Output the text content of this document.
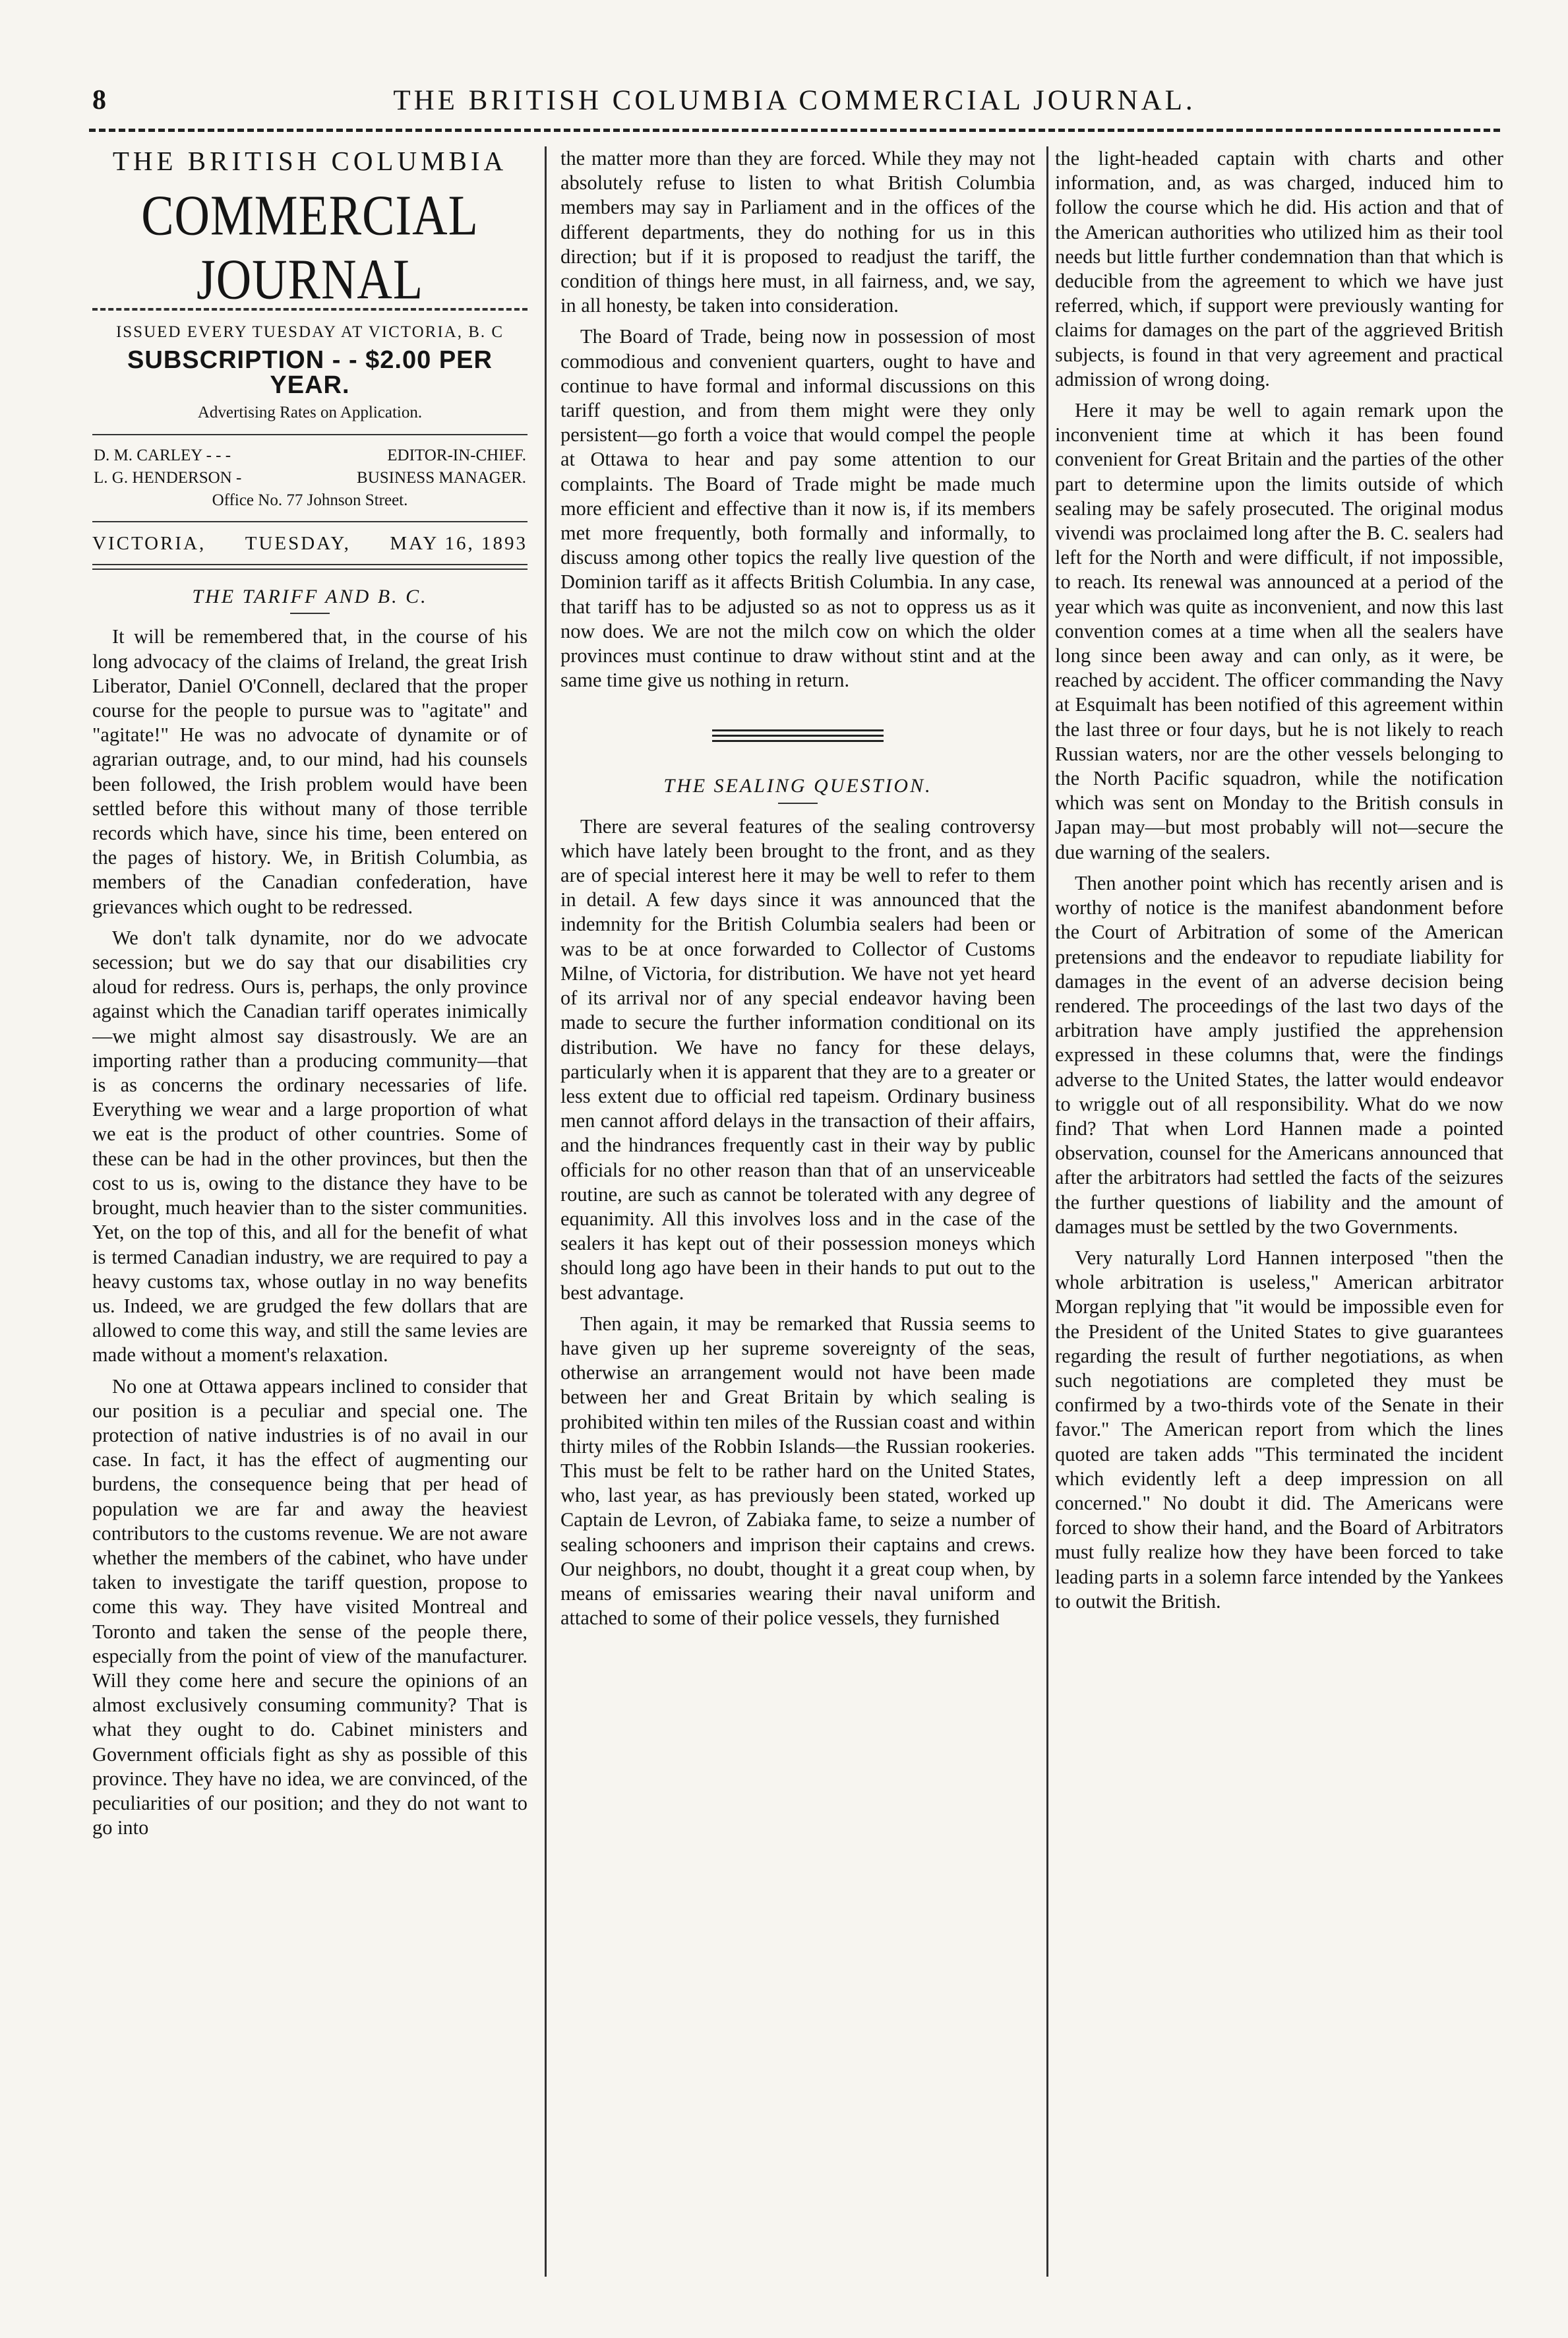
8	THE BRITISH COLUMBIA COMMERCIAL JOURNAL.
THE BRITISH COLUMBIA
COMMERCIAL JOURNAL
ISSUED EVERY TUESDAY AT VICTORIA, B. C
SUBSCRIPTION - - $2.00 PER YEAR.
Advertising Rates on Application.
D. M. CARLEY - - -	EDITOR-IN-CHIEF.
L. G. HENDERSON -	BUSINESS MANAGER.
Office No. 77 Johnson Street.
VICTORIA, TUESDAY, MAY 16, 1893
THE TARIFF AND B. C.

It will be remembered that, in the course of his long advocacy of the claims of Ireland, the great Irish Liberator, Daniel O'Connell, declared that the proper course for the people to pursue was to "agitate" and "agitate!" He was no advocate of dynamite or of agrarian outrage, and, to our mind, had his counsels been followed, the Irish problem would have been settled before this without many of those terrible records which have, since his time, been entered on the pages of history. We, in British Columbia, as members of the Canadian confederation, have grievances which ought to be redressed.

We don't talk dynamite, nor do we advocate secession; but we do say that our disabilities cry aloud for redress. Ours is, perhaps, the only province against which the Canadian tariff operates inimically—we might almost say disastrously. We are an importing rather than a producing community—that is as concerns the ordinary necessaries of life. Everything we wear and a large proportion of what we eat is the product of other countries. Some of these can be had in the other provinces, but then the cost to us is, owing to the distance they have to be brought, much heavier than to the sister communities. Yet, on the top of this, and all for the benefit of what is termed Canadian industry, we are required to pay a heavy customs tax, whose outlay in no way benefits us. Indeed, we are grudged the few dollars that are allowed to come this way, and still the same levies are made without a moment's relaxation.

No one at Ottawa appears inclined to consider that our position is a peculiar and special one. The protection of native industries is of no avail in our case. In fact, it has the effect of augmenting our burdens, the consequence being that per head of population we are far and away the heaviest contributors to the customs revenue. We are not aware whether the members of the cabinet, who have under taken to investigate the tariff question, propose to come this way. They have visited Montreal and Toronto and taken the sense of the people there, especially from the point of view of the manufacturer. Will they come here and secure the opinions of an almost exclusively consuming community? That is what they ought to do. Cabinet ministers and Government officials fight as shy as possible of this province. They have no idea, we are convinced, of the peculiarities of our position; and they do not want to go into

the matter more than they are forced. While they may not absolutely refuse to listen to what British Columbia members may say in Parliament and in the offices of the different departments, they do nothing for us in this direction; but if it is proposed to readjust the tariff, the condition of things here must, in all fairness, and, we say, in all honesty, be taken into consideration.

The Board of Trade, being now in possession of most commodious and convenient quarters, ought to have and continue to have formal and informal discussions on this tariff question, and from them might were they only persistent—go forth a voice that would compel the people at Ottawa to hear and pay some attention to our complaints. The Board of Trade might be made much more efficient and effective than it now is, if its members met more frequently, both formally and informally, to discuss among other topics the really live question of the Dominion tariff as it affects British Columbia. In any case, that tariff has to be adjusted so as not to oppress us as it now does. We are not the milch cow on which the older provinces must continue to draw without stint and at the same time give us nothing in return.

THE SEALING QUESTION.

There are several features of the sealing controversy which have lately been brought to the front, and as they are of special interest here it may be well to refer to them in detail. A few days since it was announced that the indemnity for the British Columbia sealers had been or was to be at once forwarded to Collector of Customs Milne, of Victoria, for distribution. We have not yet heard of its arrival nor of any special endeavor having been made to secure the further information conditional on its distribution. We have no fancy for these delays, particularly when it is apparent that they are to a greater or less extent due to official red tapeism. Ordinary business men cannot afford delays in the transaction of their affairs, and the hindrances frequently cast in their way by public officials for no other reason than that of an unserviceable routine, are such as cannot be tolerated with any degree of equanimity. All this involves loss and in the case of the sealers it has kept out of their possession moneys which should long ago have been in their hands to put out to the best advantage.

Then again, it may be remarked that Russia seems to have given up her supreme sovereignty of the seas, otherwise an arrangement would not have been made between her and Great Britain by which sealing is prohibited within ten miles of the Russian coast and within thirty miles of the Robbin Islands—the Russian rookeries. This must be felt to be rather hard on the United States, who, last year, as has previously been stated, worked up Captain de Levron, of Zabiaka fame, to seize a number of sealing schooners and imprison their captains and crews. Our neighbors, no doubt, thought it a great coup when, by means of emissaries wearing their naval uniform and attached to some of their police vessels, they furnished

the light-headed captain with charts and other information, and, as was charged, induced him to follow the course which he did. His action and that of the American authorities who utilized him as their tool needs but little further condemnation than that which is deducible from the agreement to which we have just referred, which, if support were previously wanting for claims for damages on the part of the aggrieved British subjects, is found in that very agreement and practical admission of wrong doing.

Here it may be well to again remark upon the inconvenient time at which it has been found convenient for Great Britain and the parties of the other part to determine upon the limits outside of which sealing may be safely prosecuted. The original modus vivendi was proclaimed long after the B. C. sealers had left for the North and were difficult, if not impossible, to reach. Its renewal was announced at a period of the year which was quite as inconvenient, and now this last convention comes at a time when all the sealers have long since been away and can only, as it were, be reached by accident. The officer commanding the Navy at Esquimalt has been notified of this agreement within the last three or four days, but he is not likely to reach Russian waters, nor are the other vessels belonging to the North Pacific squadron, while the notification which was sent on Monday to the British consuls in Japan may—but most probably will not—secure the due warning of the sealers.

Then another point which has recently arisen and is worthy of notice is the manifest abandonment before the Court of Arbitration of some of the American pretensions and the endeavor to repudiate liability for damages in the event of an adverse decision being rendered. The proceedings of the last two days of the arbitration have amply justified the apprehension expressed in these columns that, were the findings adverse to the United States, the latter would endeavor to wriggle out of all responsibility. What do we now find? That when Lord Hannen made a pointed observation, counsel for the Americans announced that after the arbitrators had settled the facts of the seizures the further questions of liability and the amount of damages must be settled by the two Governments.

Very naturally Lord Hannen interposed "then the whole arbitration is useless," American arbitrator Morgan replying that "it would be impossible even for the President of the United States to give guarantees regarding the result of further negotiations, as when such negotiations are completed they must be confirmed by a two-thirds vote of the Senate in their favor." The American report from which the lines quoted are taken adds "This terminated the incident which evidently left a deep impression on all concerned." No doubt it did. The Americans were forced to show their hand, and the Board of Arbitrators must fully realize how they have been forced to take leading parts in a solemn farce intended by the Yankees to outwit the British.
